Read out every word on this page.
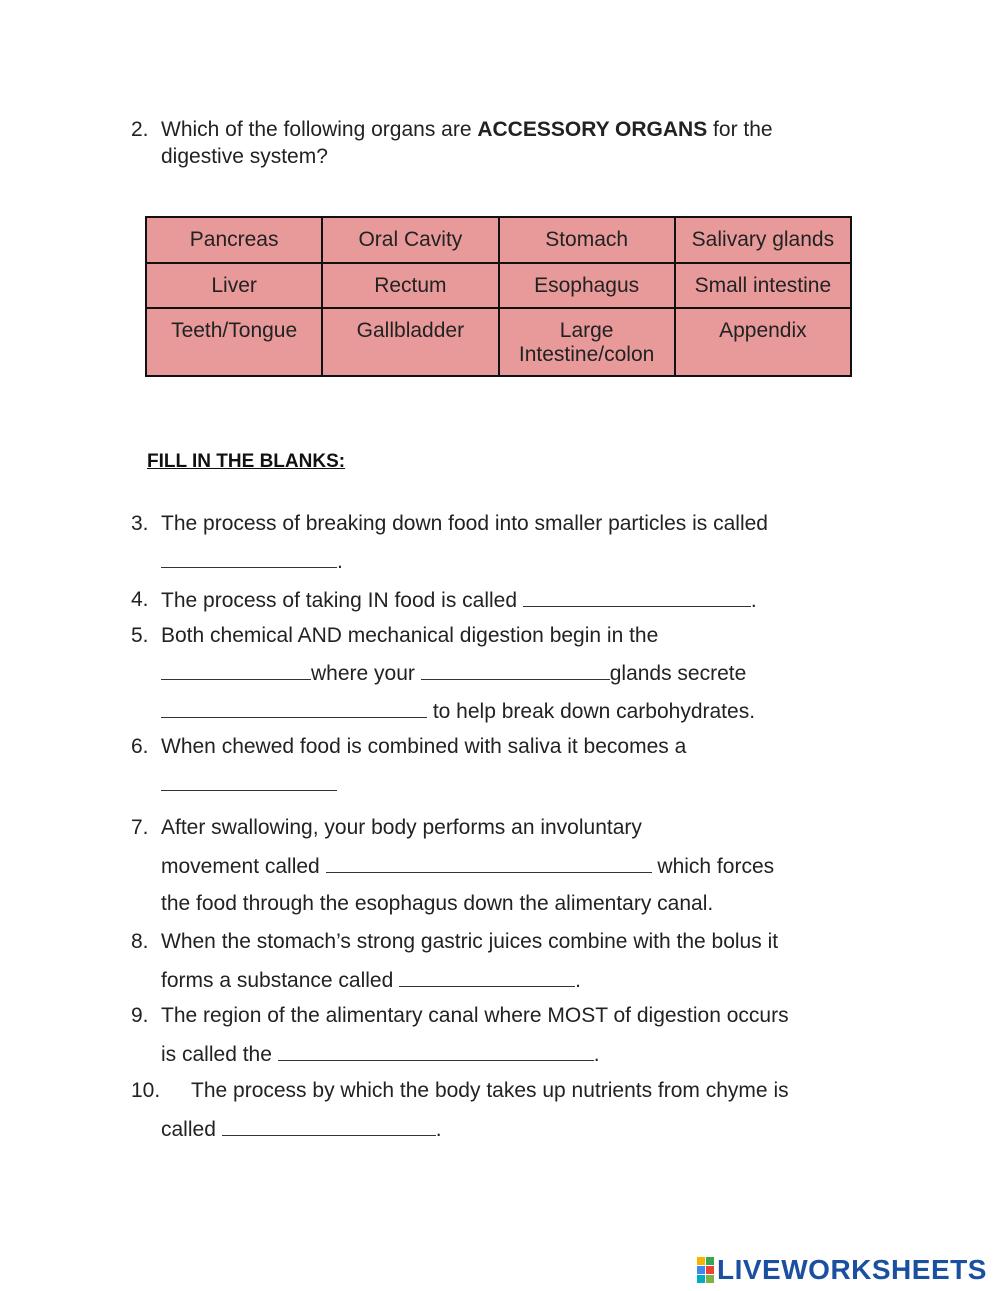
2. Which of the following organs are ACCESSORY ORGANS for the
digestive system?
Pancreas	Oral Cavity	Stomach	Salivary glands
Liver	Rectum	Esophagus	Small intestine
Teeth/Tongue	Gallbladder	Large Intestine/colon	Appendix
FILL IN THE BLANKS:
3. The process of breaking down food into smaller particles is called
.
4. The process of taking IN food is called	.
5. Both chemical AND mechanical digestion begin in the
where your	glands secrete
to help break down carbohydrates.
6. When chewed food is combined with saliva it becomes a
7. After swallowing, your body performs an involuntary
movement called	which forces
the food through the esophagus down the alimentary canal.
8. When the stomach’s strong gastric juices combine with the bolus it
forms a substance called	.
9. The region of the alimentary canal where MOST of digestion occurs
is called the	.
10. The process by which the body takes up nutrients from chyme is
called	.
LIVEWORKSHEETS
